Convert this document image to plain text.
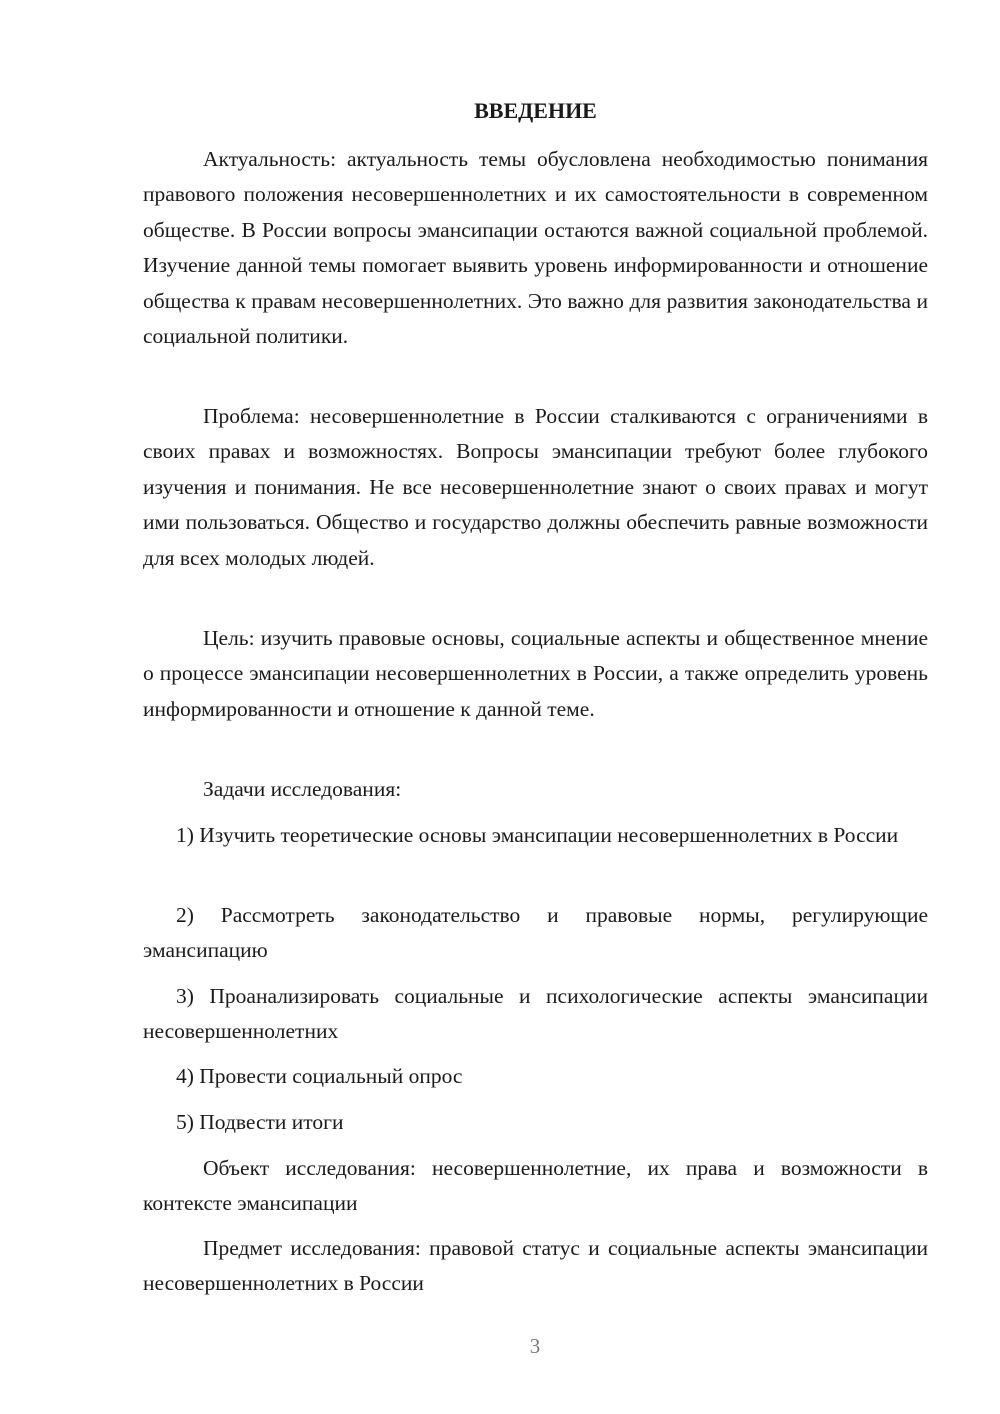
ВВЕДЕНИЕ

Актуальность: актуальность темы обусловлена необходимостью понимания правового положения несовершеннолетних и их самостоятельности в современном обществе. В России вопросы эмансипации остаются важной социальной проблемой. Изучение данной темы помогает выявить уровень информированности и отношение общества к правам несовершеннолетних. Это важно для развития законодательства и социальной политики.

Проблема: несовершеннолетние в России сталкиваются с ограничениями в своих правах и возможностях. Вопросы эмансипации требуют более глубокого изучения и понимания. Не все несовершеннолетние знают о своих правах и могут ими пользоваться. Общество и государство должны обеспечить равные возможности для всех молодых людей.

Цель: изучить правовые основы, социальные аспекты и общественное мнение о процессе эмансипации несовершеннолетних в России, а также определить уровень информированности и отношение к данной теме.

Задачи исследования:

1) Изучить теоретические основы эмансипации несовершеннолетних в России

2) Рассмотреть законодательство и правовые нормы, регулирующие эмансипацию

3) Проанализировать социальные и психологические аспекты эмансипации несовершеннолетних

4) Провести социальный опрос

5) Подвести итоги

Объект исследования: несовершеннолетние, их права и возможности в контексте эмансипации

Предмет исследования: правовой статус и социальные аспекты эмансипации несовершеннолетних в России

3
